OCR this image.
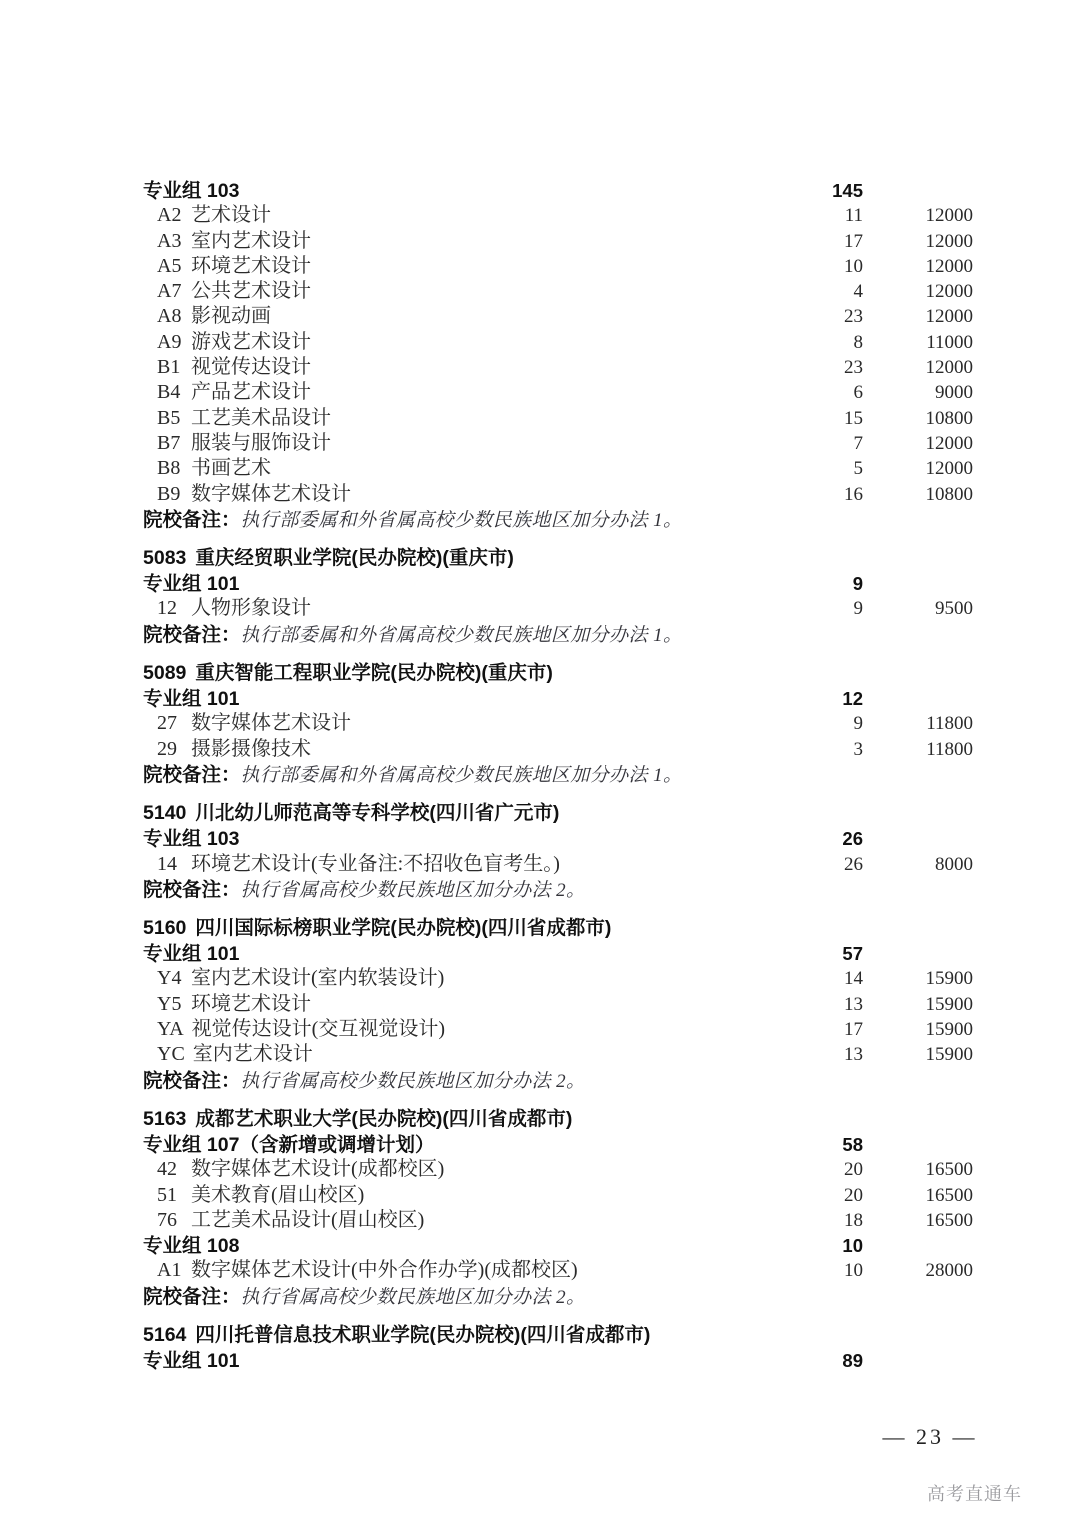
专业组 103	145
A2 艺术设计	11	12000
A3 室内艺术设计	17	12000
A5 环境艺术设计	10	12000
A7 公共艺术设计	4	12000
A8 影视动画	23	12000
A9 游戏艺术设计	8	11000
B1 视觉传达设计	23	12000
B4 产品艺术设计	6	9000
B5 工艺美术品设计	15	10800
B7 服装与服饰设计	7	12000
B8 书画艺术	5	12000
B9 数字媒体艺术设计	16	10800
院校备注：执行部委属和外省属高校少数民族地区加分办法 1。
5083 重庆经贸职业学院(民办院校)(重庆市)
专业组 101	9
12 人物形象设计	9	9500
院校备注：执行部委属和外省属高校少数民族地区加分办法 1。
5089 重庆智能工程职业学院(民办院校)(重庆市)
专业组 101	12
27 数字媒体艺术设计	9	11800
29 摄影摄像技术	3	11800
院校备注：执行部委属和外省属高校少数民族地区加分办法 1。
5140 川北幼儿师范高等专科学校(四川省广元市)
专业组 103	26
14 环境艺术设计(专业备注:不招收色盲考生。)	26	8000
院校备注：执行省属高校少数民族地区加分办法 2。
5160 四川国际标榜职业学院(民办院校)(四川省成都市)
专业组 101	57
Y4 室内艺术设计(室内软装设计)	14	15900
Y5 环境艺术设计	13	15900
YA 视觉传达设计(交互视觉设计)	17	15900
YC 室内艺术设计	13	15900
院校备注：执行省属高校少数民族地区加分办法 2。
5163 成都艺术职业大学(民办院校)(四川省成都市)
专业组 107（含新增或调增计划）	58
42 数字媒体艺术设计(成都校区)	20	16500
51 美术教育(眉山校区)	20	16500
76 工艺美术品设计(眉山校区)	18	16500
专业组 108	10
A1 数字媒体艺术设计(中外合作办学)(成都校区)	10	28000
院校备注：执行省属高校少数民族地区加分办法 2。
5164 四川托普信息技术职业学院(民办院校)(四川省成都市)
专业组 101	89
— 23 —
高考直通车
